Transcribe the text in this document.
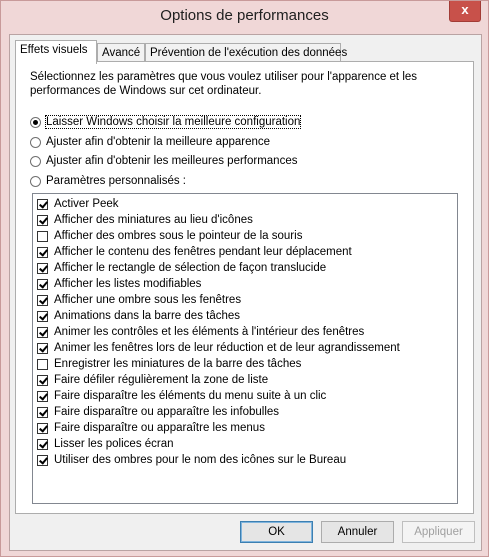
Options de performances	x
Effets visuels	Avancé Prévention de l'exécution des données
Sélectionnez les paramètres que vous voulez utiliser pour l'apparence et les performances de Windows sur cet ordinateur.
Laisser Windows choisir la meilleure configuration
Ajuster afin d'obtenir la meilleure apparence
Ajuster afin d'obtenir les meilleures performances
Paramètres personnalisés :
Activer Peek
Afficher des miniatures au lieu d'icônes
Afficher des ombres sous le pointeur de la souris
Afficher le contenu des fenêtres pendant leur déplacement
Afficher le rectangle de sélection de façon translucide
Afficher les listes modifiables
Afficher une ombre sous les fenêtres
Animations dans la barre des tâches
Animer les contrôles et les éléments à l'intérieur des fenêtres
Animer les fenêtres lors de leur réduction et de leur agrandissement
Enregistrer les miniatures de la barre des tâches
Faire défiler régulièrement la zone de liste
Faire disparaître les éléments du menu suite à un clic
Faire disparaître ou apparaître les infobulles
Faire disparaître ou apparaître les menus
Lisser les polices écran
Utiliser des ombres pour le nom des icônes sur le Bureau
OK	Annuler	Appliquer
